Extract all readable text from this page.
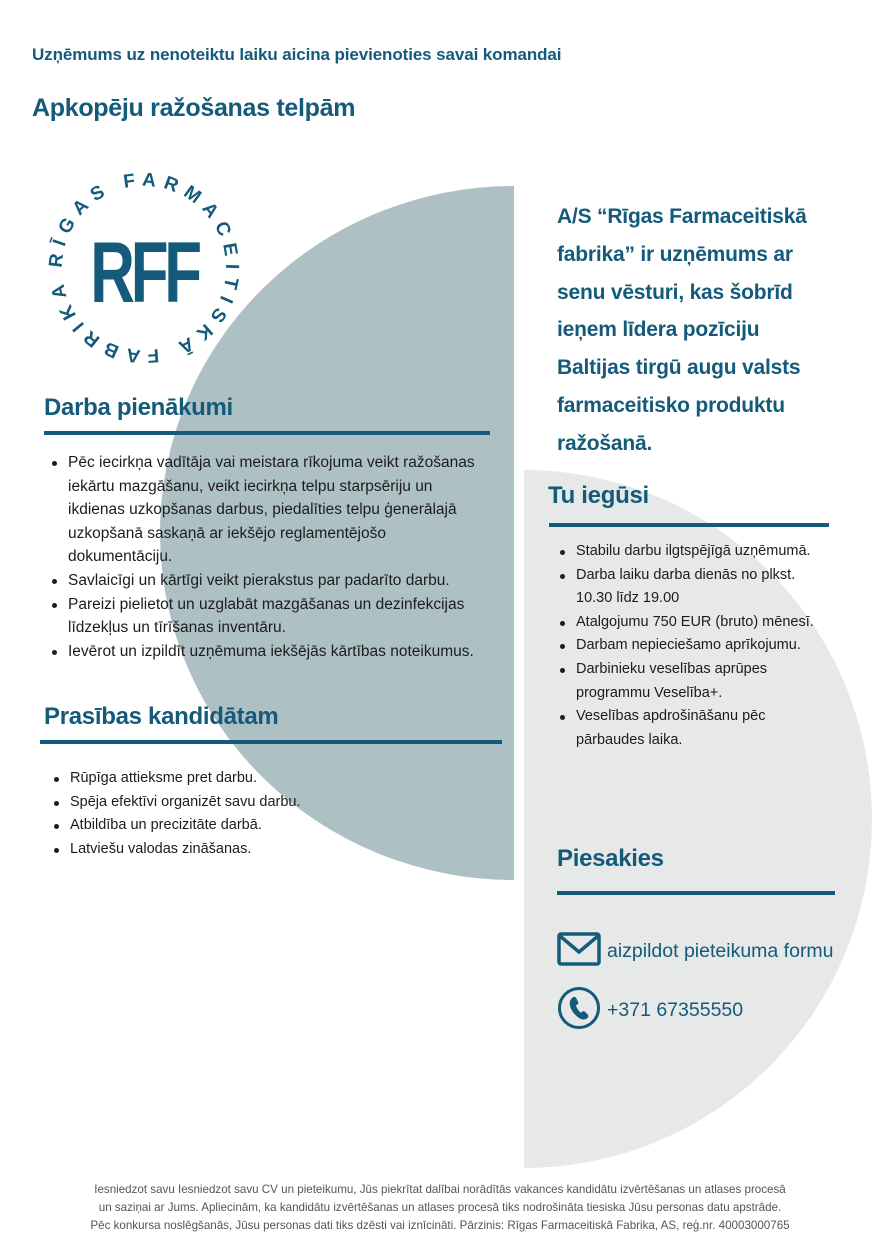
Uzņēmums uz nenoteiktu laiku aicina pievienoties savai komandai
Apkopēju ražošanas telpām
RĪGAS FARMACEITISKĀ FABRIKA RFF
A/S “Rīgas Farmaceitiskā
fabrika” ir uzņēmums ar
senu vēsturi, kas šobrīd
ieņem līdera pozīciju
Baltijas tirgū augu valsts
farmaceitisko produktu
ražošanā.
Darba pienākumi
Pēc iecirkņa vadītāja vai meistara rīkojuma veikt ražošanas iekārtu mazgāšanu, veikt iecirkņa telpu starpsēriju un ikdienas uzkopšanas darbus, piedalīties telpu ģenerālajā uzkopšanā saskaņā ar iekšējo reglamentējošo dokumentāciju.
Savlaicīgi un kārtīgi veikt pierakstus par padarīto darbu.
Pareizi pielietot un uzglabāt mazgāšanas un dezinfekcijas līdzekļus un tīrīšanas inventāru.
Ievērot un izpildīt uzņēmuma iekšējās kārtības noteikumus.
Prasības kandidātam
Rūpīga attieksme pret darbu.
Spēja efektīvi organizēt savu darbu.
Atbildība un precizitāte darbā.
Latviešu valodas zināšanas.
Tu iegūsi
Stabilu darbu ilgtspējīgā uzņēmumā.
Darba laiku darba dienās no plkst. 10.30 līdz 19.00
Atalgojumu 750 EUR (bruto) mēnesī.
Darbam nepieciešamo aprīkojumu.
Darbinieku veselības aprūpes programmu Veselība+.
Veselības apdrošināšanu pēc pārbaudes laika.
Piesakies
aizpildot pieteikuma formu
+371 67355550
Iesniedzot savu Iesniedzot savu CV un pieteikumu, Jūs piekrītat dalībai norādītās vakances kandidātu izvērtēšanas un atlases procesā
un saziņai ar Jums. Apliecinām, ka kandidātu izvērtēšanas un atlases procesā tiks nodrošināta tiesiska Jūsu personas datu apstrāde.
Pēc konkursa noslēgšanās, Jūsu personas dati tiks dzēsti vai iznīcināti. Pārzinis: Rīgas Farmaceitiskā Fabrika, AS, reģ.nr. 40003000765
